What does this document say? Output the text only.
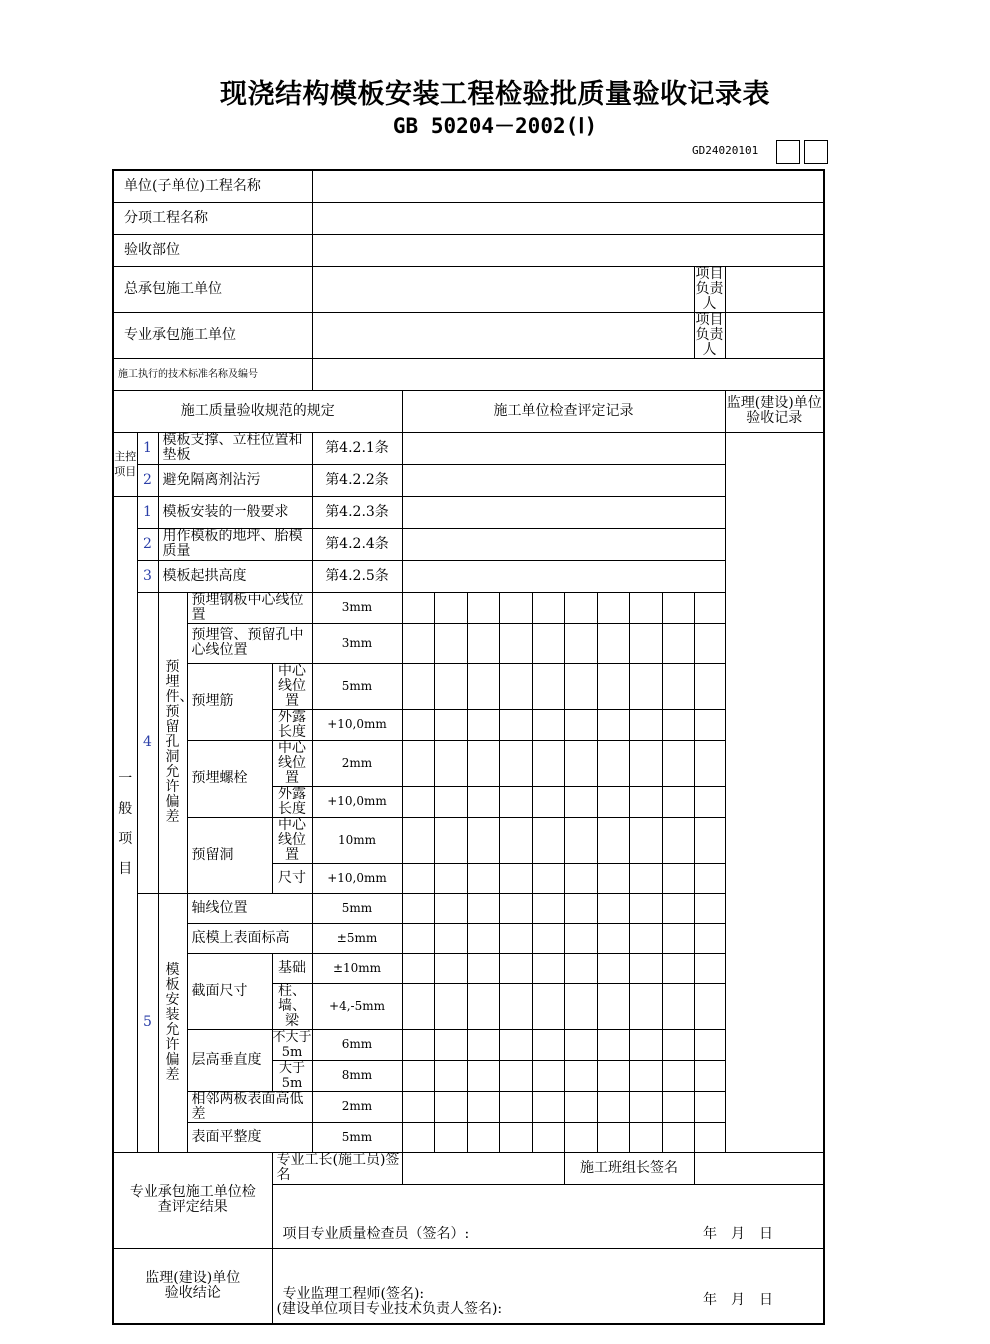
现浇结构模板安装工程检验批质量验收记录表
GB 50204－2002(Ⅰ)
GD24020101
单位(子单位)工程名称																
分项工程名称																
验收部位																
总承包施工单位															项目负责人	
专业承包施工单位															项目负责人	
施工执行的技术标准名称及编号																
施工质量验收规范的规定						施工单位检查评定记录										监理(建设)单位验收记录
主控项目	1	模板支撑、立柱位置和垫板			第4.2.1条											
	2	避免隔离剂沾污			第4.2.2条											
一般项目	1	模板安装的一般要求			第4.2.3条											
	2	用作模板的地坪、胎模质量			第4.2.4条											
	3	模板起拱高度			第4.2.5条											
	4	预埋件、预留孔洞允许偏差	预埋钢板中心线位置		3mm											
			预埋管、预留孔中心线位置		3mm											
			预埋筋	中心线位置	5mm											
				外露长度	+10,0mm											
			预埋螺栓	中心线位置	2mm											
				外露长度	+10,0mm											
			预留洞	中心线位置	10mm											
				尺寸	+10,0mm											
	5	模板安装允许偏差	轴线位置		5mm											
			底模上表面标高		±5mm											
			截面尺寸	基础	±10mm											
				柱、墙、梁	+4,-5mm											
			层高垂直度	不大于5m	6mm											
				大于5m	8mm											
			相邻两板表面高低差		2mm											
			表面平整度		5mm											
专业承包施工单位检查评定结果				专业工长(施工员)签名							施工班组长签名					
				项目专业质量检查员（签名）: 年　月　日												

监理(建设)单位验收结论				专业监理工程师(签名):
(建设单位项目专业技术负责人签名):
年　月　日												
